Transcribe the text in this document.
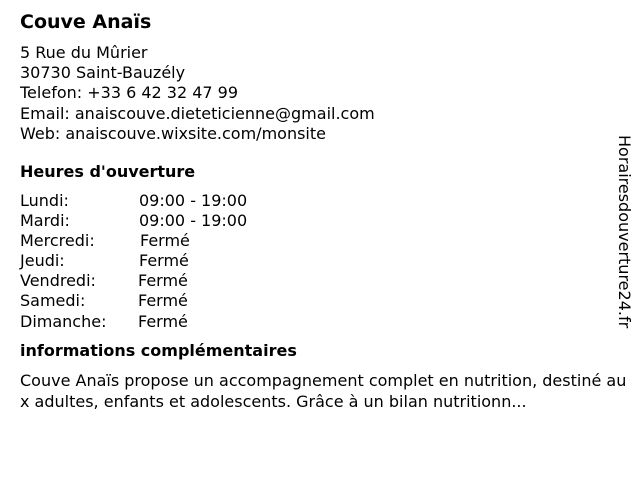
Couve Anaïs
5 Rue du Mûrier
30730 Saint-Bauzély
Telefon: +33 6 42 32 47 99
Email: anaiscouve.dieteticienne@gmail.com
Web: anaiscouve.wixsite.com/monsite
Heures d'ouverture
Lundi:	09:00 - 19:00
Mardi:	09:00 - 19:00
Mercredi:	Fermé
Jeudi:	Fermé
Vendredi:	Fermé
Samedi:	Fermé
Dimanche: Fermé
informations complémentaires
Couve Anaïs propose un accompagnement complet en nutrition, destiné aux adultes, enfants et adolescents. Grâce à un bilan nutritionn...
Horairesdouverture24.fr
